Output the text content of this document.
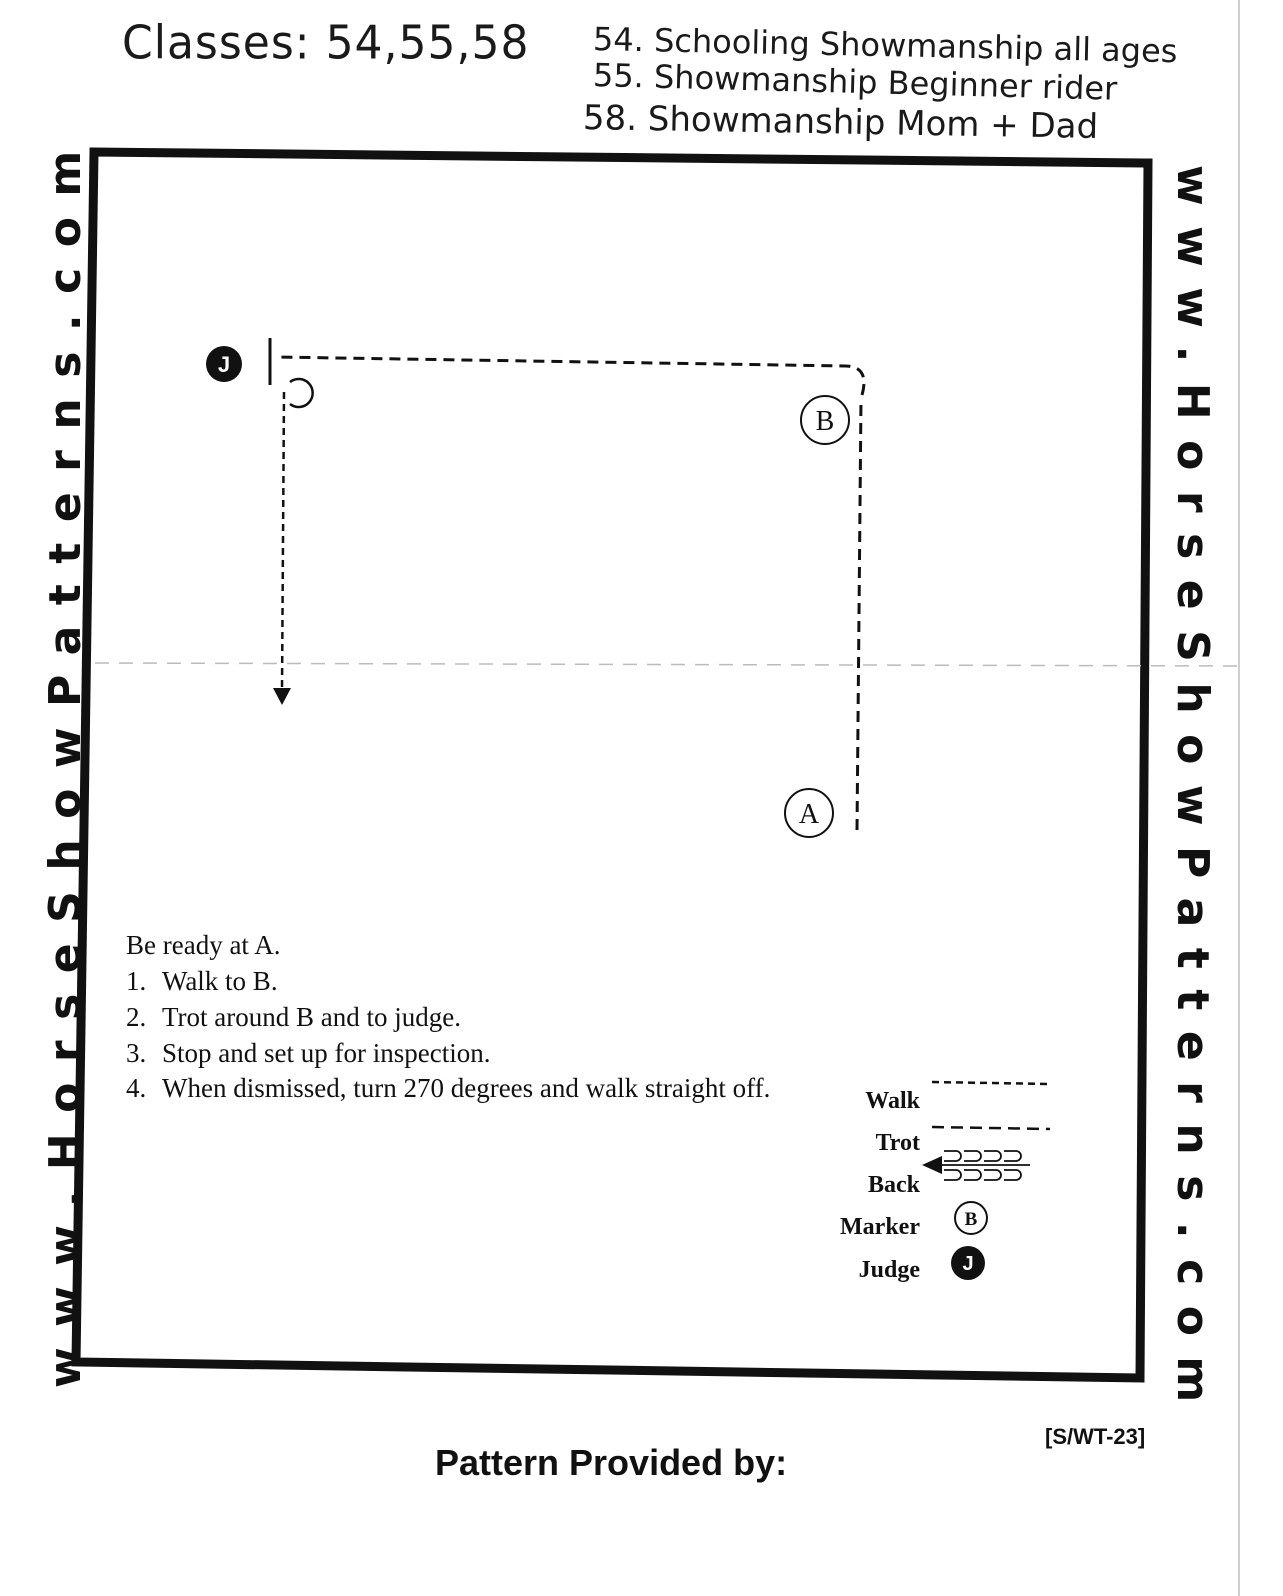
Classes: 54,55,58 54. Schooling Showmanship all ages
55. Showmanship Beginner rider
58. Showmanship Mom + Dad
www.HorseShowPatterns.com	www.HorseShowPatterns.com
J
B
A
B
J
Be ready at A.
1. Walk to B.
2. Trot around B and to judge.
3. Stop and set up for inspection.
4. When dismissed, turn 270 degrees and walk straight off.	Walk
Trot
Back
Marker
Judge
[S/WT-23]
Pattern Provided by:
